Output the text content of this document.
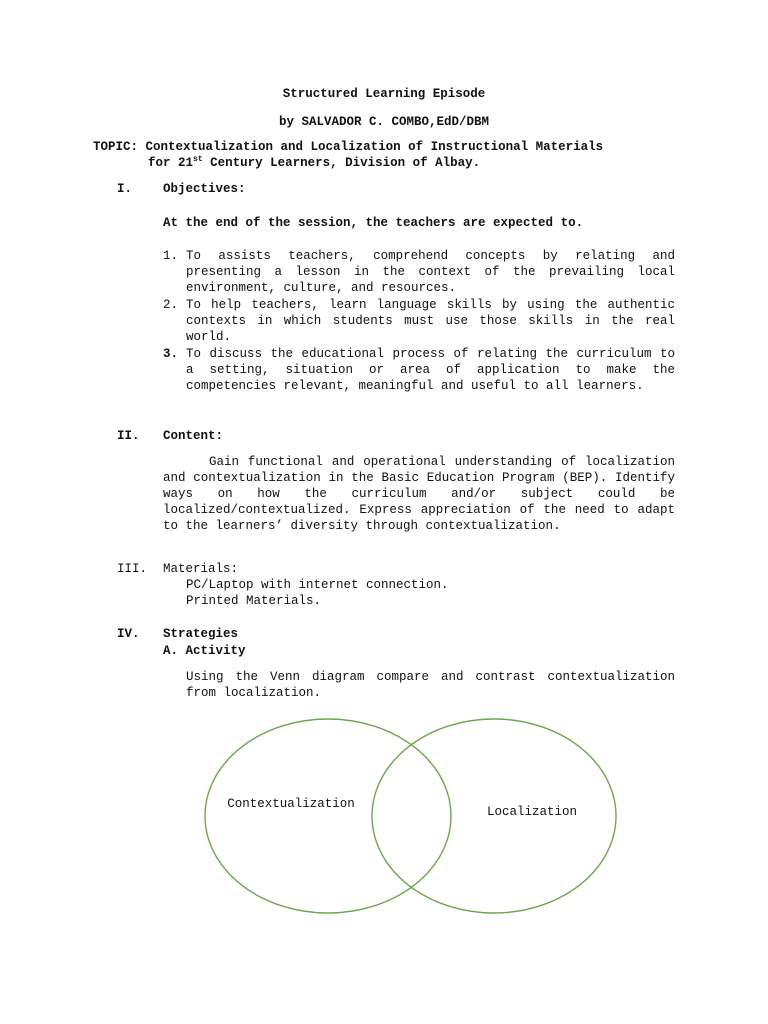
Structured Learning Episode
by SALVADOR C. COMBO,EdD/DBM
TOPIC: Contextualization and Localization of Instructional Materials
for 21st Century Learners, Division of Albay.
I. Objectives:
At the end of the session, the teachers are expected to.
1. To assists teachers, comprehend concepts by relating and presenting a lesson in the context of the prevailing local environment, culture, and resources.
2. To help teachers, learn language skills by using the authentic contexts in which students must use those skills in the real world.
3. To discuss the educational process of relating the curriculum to a setting, situation or area of application to make the competencies relevant, meaningful and useful to all learners.
II. Content:
Gain functional and operational understanding of localization and contextualization in the Basic Education Program (BEP). Identify ways on how the curriculum and/or subject could be localized/contextualized. Express appreciation of the need to adapt to the learners’ diversity through contextualization.
III. Materials:
PC/Laptop with internet connection.
Printed Materials.
IV. Strategies
A. Activity
Using the Venn diagram compare and contrast contextualization from localization.
Contextualization
Localization
